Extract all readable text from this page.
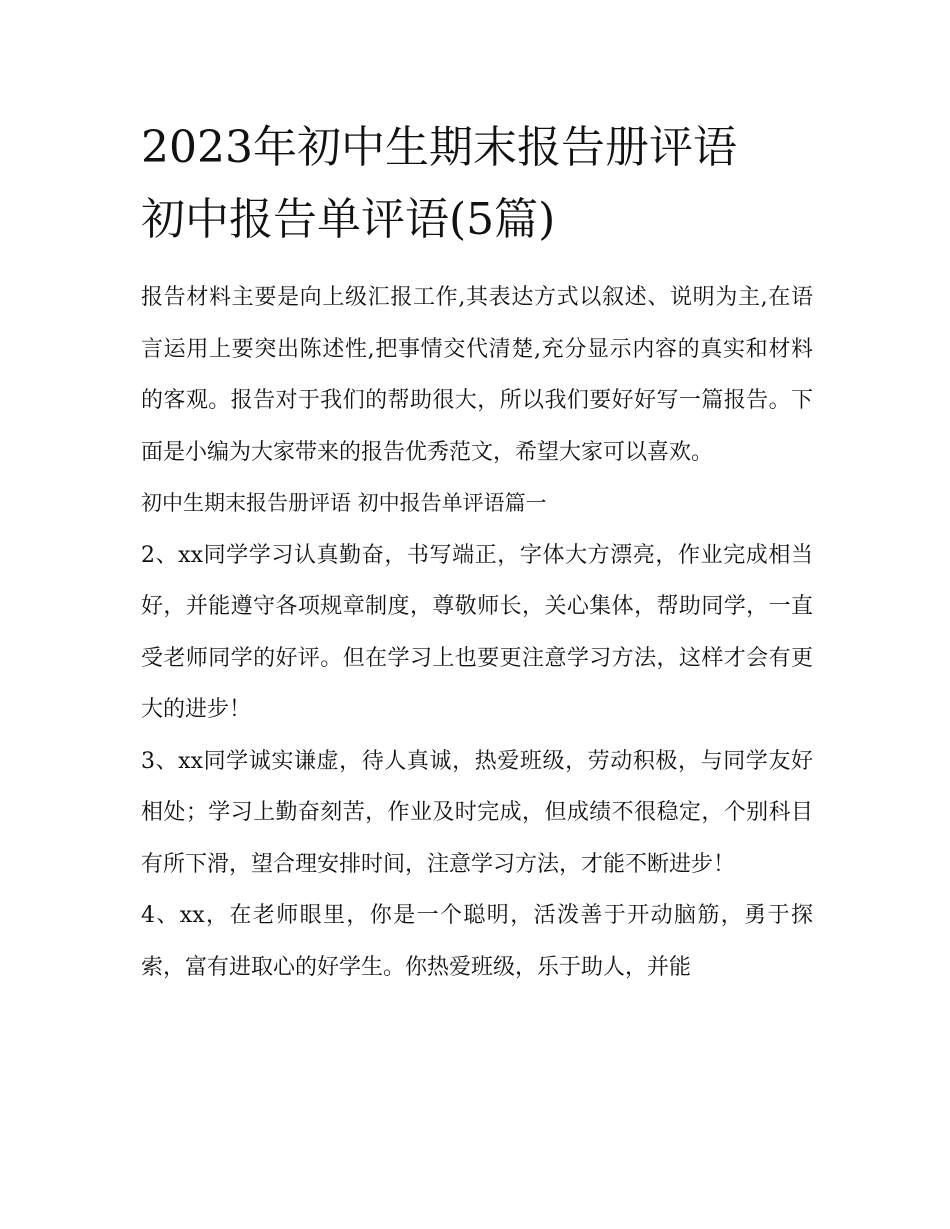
2023年初中生期末报告册评语
初中报告单评语(5篇)

报告材料主要是向上级汇报工作,其表达方式以叙述、说明为主,在语言运用上要突出陈述性,把事情交代清楚,充分显示内容的真实和材料的客观。报告对于我们的帮助很大，所以我们要好好写一篇报告。下面是小编为大家带来的报告优秀范文，希望大家可以喜欢。

初中生期末报告册评语 初中报告单评语篇一

2、xx同学学习认真勤奋，书写端正，字体大方漂亮，作业完成相当好，并能遵守各项规章制度，尊敬师长，关心集体，帮助同学，一直受老师同学的好评。但在学习上也要更注意学习方法，这样才会有更大的进步！

3、xx同学诚实谦虚，待人真诚，热爱班级，劳动积极，与同学友好相处；学习上勤奋刻苦，作业及时完成，但成绩不很稳定，个别科目有所下滑，望合理安排时间，注意学习方法，才能不断进步！

4、xx，在老师眼里，你是一个聪明，活泼善于开动脑筋，勇于探索，富有进取心的好学生。你热爱班级，乐于助人，并能
